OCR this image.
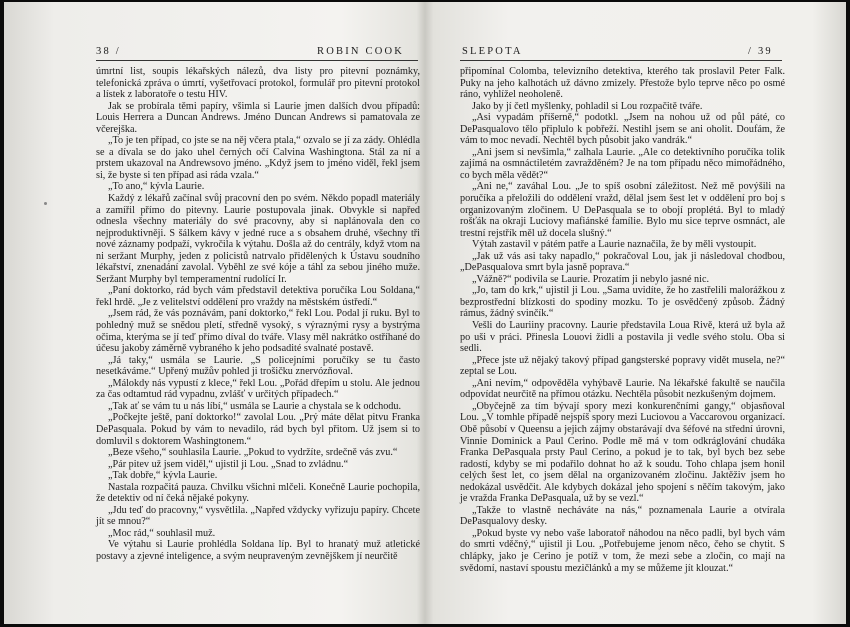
38 /	ROBIN COOK

úmrtní list, soupis lékařských nálezů, dva listy pro pitevní poznámky, telefonická zpráva o úmrtí, vyšetřovací protokol, formulář pro pitevní protokol a lístek z laboratoře o testu HIV.

Jak se probírala těmi papíry, všimla si Laurie jmen dalších dvou případů: Louis Herrera a Duncan Andrews. Jméno Duncan Andrews si pamatovala ze včerejška.

„To je ten případ, co jste se na něj včera ptala,“ ozvalo se jí za zády. Ohlédla se a dívala se do jako uhel černých očí Calvina Washingtona. Stál za ní a prstem ukazoval na Andrewsovo jméno. „Když jsem to jméno viděl, řekl jsem si, že byste si ten případ asi ráda vzala.“

„To ano,“ kývla Laurie.

Každý z lékařů začínal svůj pracovní den po svém. Někdo popadl materiály a zamířil přímo do pitevny. Laurie postupovala jinak. Obvykle si napřed odnesla všechny materiály do své pracovny, aby si naplánovala den co nejproduktivněji. S šálkem kávy v jedné ruce a s obsahem druhé, všechny tři nové záznamy podpaží, vykročila k výtahu. Došla až do centrály, když vtom na ni seržant Murphy, jeden z policistů natrvalo přidělených k Ústavu soudního lékařství, znenadání zavolal. Vyběhl ze své kóje a táhl za sebou jiného muže. Seržant Murphy byl temperamentní rudolící Ir.

„Paní doktorko, rád bych vám představil detektiva poručíka Lou Soldana,“ řekl hrdě. „Je z velitelství oddělení pro vraždy na městském ústředí.“

„Jsem rád, že vás poznávám, paní doktorko,“ řekl Lou. Podal jí ruku. Byl to pohledný muž se snědou pletí, středně vysoký, s výraznými rysy a bystrýma očima, kterýma se jí teď přímo díval do tváře. Vlasy měl nakrátko ostříhané do účesu jakoby záměrně vybraného k jeho podsadité svalnaté postavě.

„Já taky,“ usmála se Laurie. „S policejními poručíky se tu často nesetkáváme.“ Upřený mužův pohled ji trošičku znervózňoval.

„Málokdy nás vypustí z klece,“ řekl Lou. „Pořád dřepím u stolu. Ale jednou za čas odtamtud rád vypadnu, zvlášť v určitých případech.“

„Tak ať se vám tu u nás líbí,“ usmála se Laurie a chystala se k odchodu.

„Počkejte ještě, paní doktorko!“ zavolal Lou. „Prý máte dělat pitvu Franka DePasquala. Pokud by vám to nevadilo, rád bych byl přitom. Už jsem si to domluvil s doktorem Washingtonem.“

„Beze všeho,“ souhlasila Laurie. „Pokud to vydržíte, srdečně vás zvu.“

„Pár pitev už jsem viděl,“ ujistil ji Lou. „Snad to zvládnu.“

„Tak dobře,“ kývla Laurie.

Nastala rozpačitá pauza. Chvilku všichni mlčeli. Konečně Laurie pochopila, že detektiv od ní čeká nějaké pokyny.

„Jdu teď do pracovny,“ vysvětlila. „Napřed vždycky vyřizuju papíry. Chcete jít se mnou?“

„Moc rád,“ souhlasil muž.

Ve výtahu si Laurie prohlédla Soldana líp. Byl to hranatý muž atletické postavy a zjevné inteligence, a svým neupraveným zevnějškem jí neurčitě

SLEPOTA	/ 39

připomínal Colomba, televizního detektiva, kterého tak proslavil Peter Falk. Puky na jeho kalhotách už dávno zmizely. Přestože bylo teprve něco po osmé ráno, vyhlížel neoholeně.

Jako by jí četl myšlenky, pohladil si Lou rozpačitě tváře.

„Asi vypadám příšerně,“ podotkl. „Jsem na nohou už od půl páté, co DePasqualovo tělo připlulo k pobřeží. Nestihl jsem se ani oholit. Doufám, že vám to moc nevadí. Nechtěl bych působit jako vandrák.“

„Ani jsem si nevšimla,“ zalhala Laurie. „Ale co detektivního poručíka tolik zajímá na osmnáctiletém zavražděném? Je na tom případu něco mimořádného, co bych měla vědět?“

„Ani ne,“ zaváhal Lou. „Je to spíš osobní záležitost. Než mě povýšili na poručíka a přeložili do oddělení vražd, dělal jsem šest let v oddělení pro boj s organizovaným zločinem. U DePasquala se to obojí proplétá. Byl to mladý rošťák na okraji Luciovy mafiánské famílie. Bylo mu sice teprve osmnáct, ale trestní rejstřík měl už docela slušný.“

Výtah zastavil v pátém patře a Laurie naznačila, že by měli vystoupit.

„Jak už vás asi taky napadlo,“ pokračoval Lou, jak ji následoval chodbou, „DePasqualova smrt byla jasně poprava.“

„Vážně?“ podivila se Laurie. Prozatím ji nebylo jasné nic.

„Jo, tam do krk,“ ujistil ji Lou. „Sama uvidíte, že ho zastřelili malorážkou z bezprostřední blízkosti do spodiny mozku. To je osvědčený způsob. Žádný rámus, žádný svinčík.“

Vešli do Lauriiny pracovny. Laurie představila Loua Rivě, která už byla až po uši v práci. Přinesla Louovi židli a postavila ji vedle svého stolu. Oba si sedli.

„Přece jste už nějaký takový případ gangsterské popravy vidět musela, ne?“ zeptal se Lou.

„Ani nevím,“ odpověděla vyhýbavě Laurie. Na lékařské fakultě se naučila odpovídat neurčitě na přímou otázku. Nechtěla působit nezkušeným dojmem.

„Obyčejně za tím bývají spory mezi konkurenčními gangy,“ objasňoval Lou. „V tomhle případě nejspíš spory mezi Luciovou a Vaccarovou organizací. Obě působí v Queensu a jejich zájmy obstarávají dva šéfové na střední úrovni, Vinnie Dominick a Paul Cerino. Podle mě má v tom odkráglování chudáka Franka DePasquala prsty Paul Cerino, a pokud je to tak, byl bych bez sebe radostí, kdyby se mi podařilo dohnat ho až k soudu. Toho chlapa jsem honil celých šest let, co jsem dělal na organizovaném zločinu. Jaktěživ jsem ho nedokázal usvědčit. Ale kdybych dokázal jeho spojení s něčím takovým, jako je vražda Franka DePasquala, už by se vezl.“

„Takže to vlastně necháváte na nás,“ poznamenala Laurie a otvírala DePasqualovy desky.

„Pokud byste vy nebo vaše laboratoř náhodou na něco padli, byl bych vám do smrti vděčný,“ ujistil ji Lou. „Potřebujeme jenom něco, čeho se chytit. S chlápky, jako je Cerino je potíž v tom, že mezi sebe a zločin, co mají na svědomí, nastaví spoustu mezičlánků a my se můžeme jít klouzat.“
